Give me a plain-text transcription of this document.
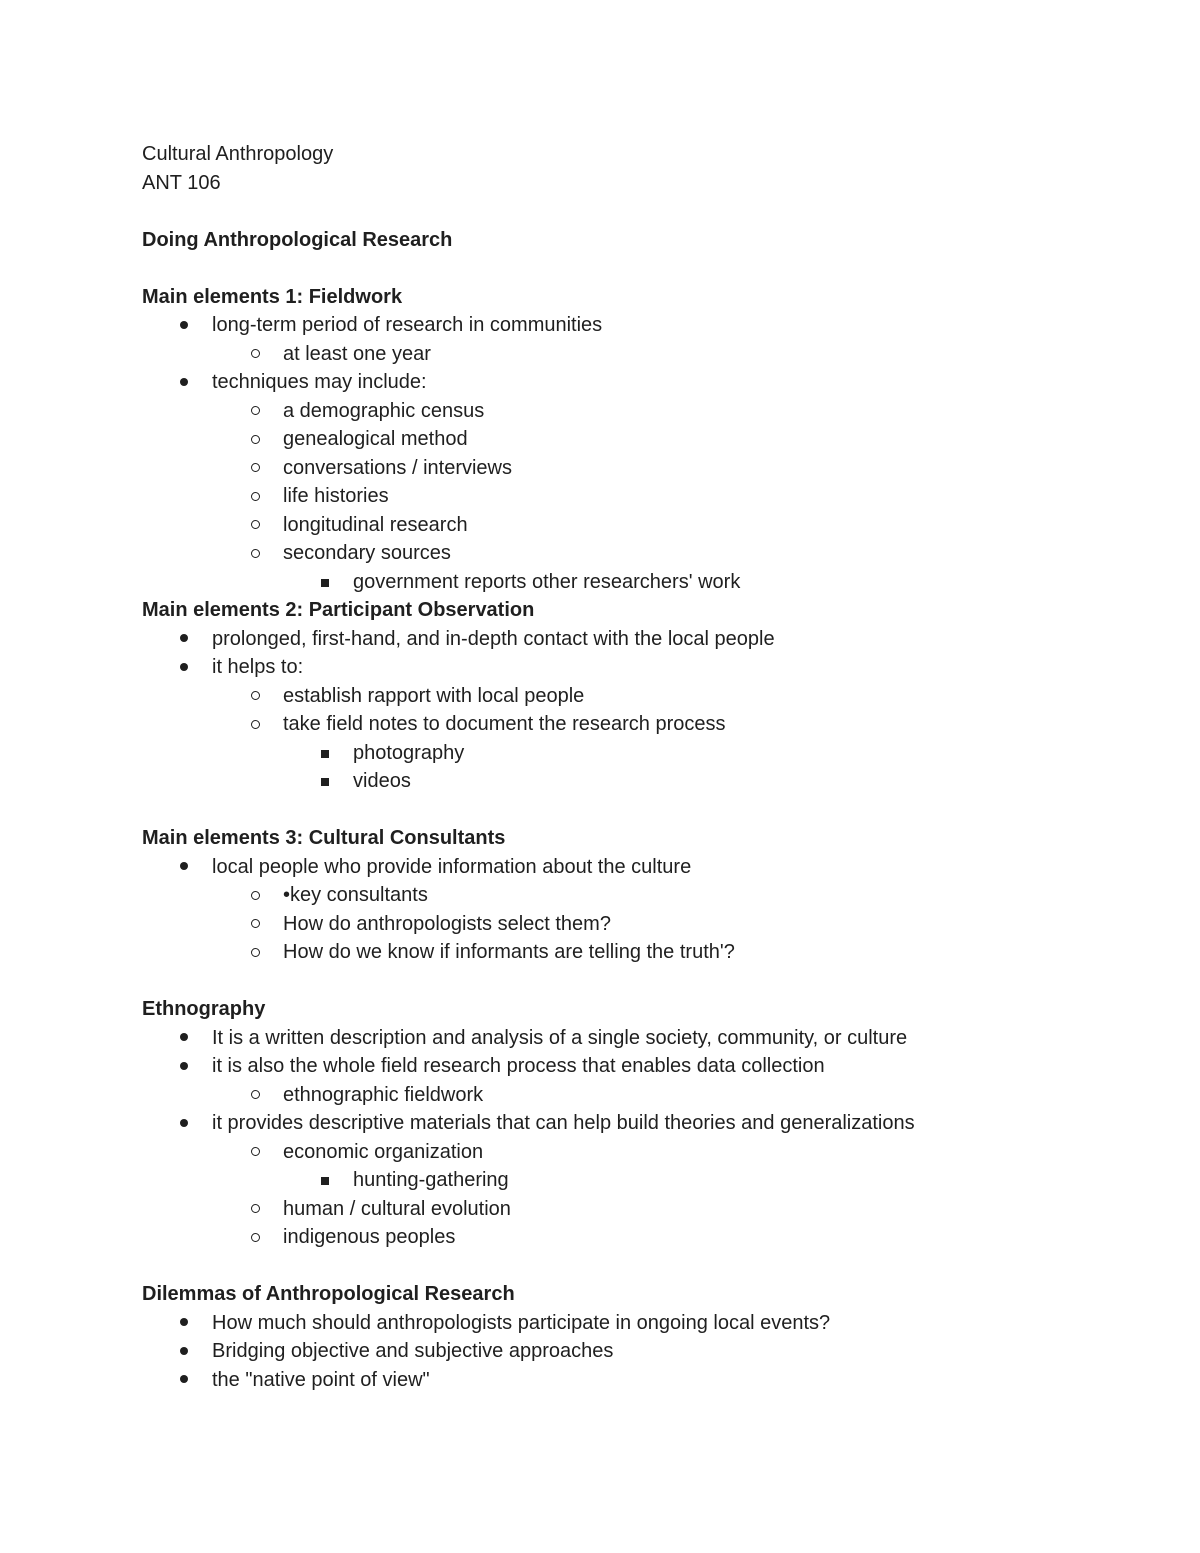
Cultural Anthropology
ANT 106
Doing Anthropological Research
Main elements 1: Fieldwork
long-term period of research in communities
at least one year
techniques may include:
a demographic census
genealogical method
conversations / interviews
life histories
longitudinal research
secondary sources
government reports other researchers' work
Main elements 2: Participant Observation
prolonged, first-hand, and in-depth contact with the local people
it helps to:
establish rapport with local people
take field notes to document the research process
photography
videos
Main elements 3: Cultural Consultants
local people who provide information about the culture
•key consultants
How do anthropologists select them?
How do we know if informants are telling the truth'?
Ethnography
It is a written description and analysis of a single society, community, or culture
it is also the whole field research process that enables data collection
ethnographic fieldwork
it provides descriptive materials that can help build theories and generalizations
economic organization
hunting-gathering
human / cultural evolution
indigenous peoples
Dilemmas of Anthropological Research
How much should anthropologists participate in ongoing local events?
Bridging objective and subjective approaches
the "native point of view"
